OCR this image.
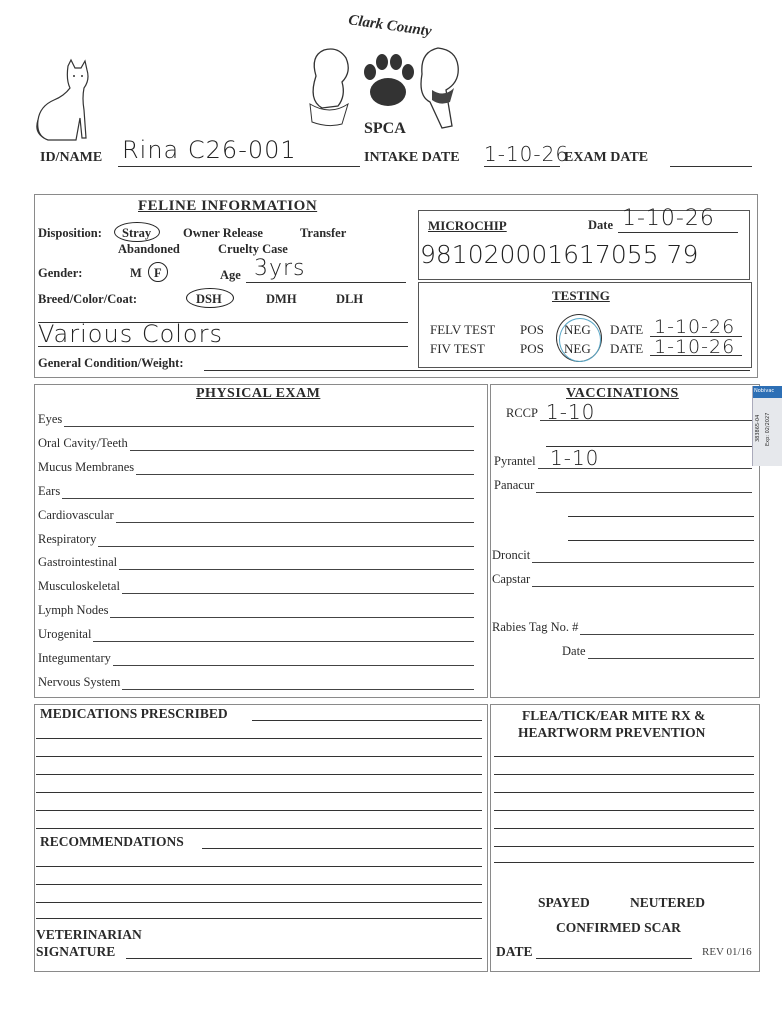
Clark County
SPCA
ID/NAME Rina C26-001	INTAKE DATE 1-10-26
EXAM DATE
FELINE INFORMATION
Disposition: Stray	Owner Release	Transfer
Abandoned	Cruelty Case
Gender:	M F	Age 3yrs
Breed/Color/Coat:	DSH	DMH	DLH
Various Colors
General Condition/Weight:
MICROCHIP	Date 1-10-26
981020001617055 79
TESTING
FELV TEST POS NEG DATE 1-10-26
FIV TEST	POS NEG DATE 1-10-26
PHYSICAL EXAM
Eyes
Oral Cavity/Teeth
Mucus Membranes
Ears
Cardiovascular
Respiratory
Gastrointestinal
Musculoskeletal
Lymph Nodes
Urogenital
Integumentary
Nervous System
VACCINATIONS
RCCP 1-10
Pyrantel 1-10
Panacur
Droncit
Capstar
Rabies Tag No. #
Date
Nobivac
383865-04 Exp: 02/2027
MEDICATIONS PRESCRIBED
RECOMMENDATIONS
VETERINARIAN
SIGNATURE
FLEA/TICK/EAR MITE RX &
HEARTWORM PREVENTION
SPAYED	NEUTERED
CONFIRMED SCAR
DATE	REV 01/16
